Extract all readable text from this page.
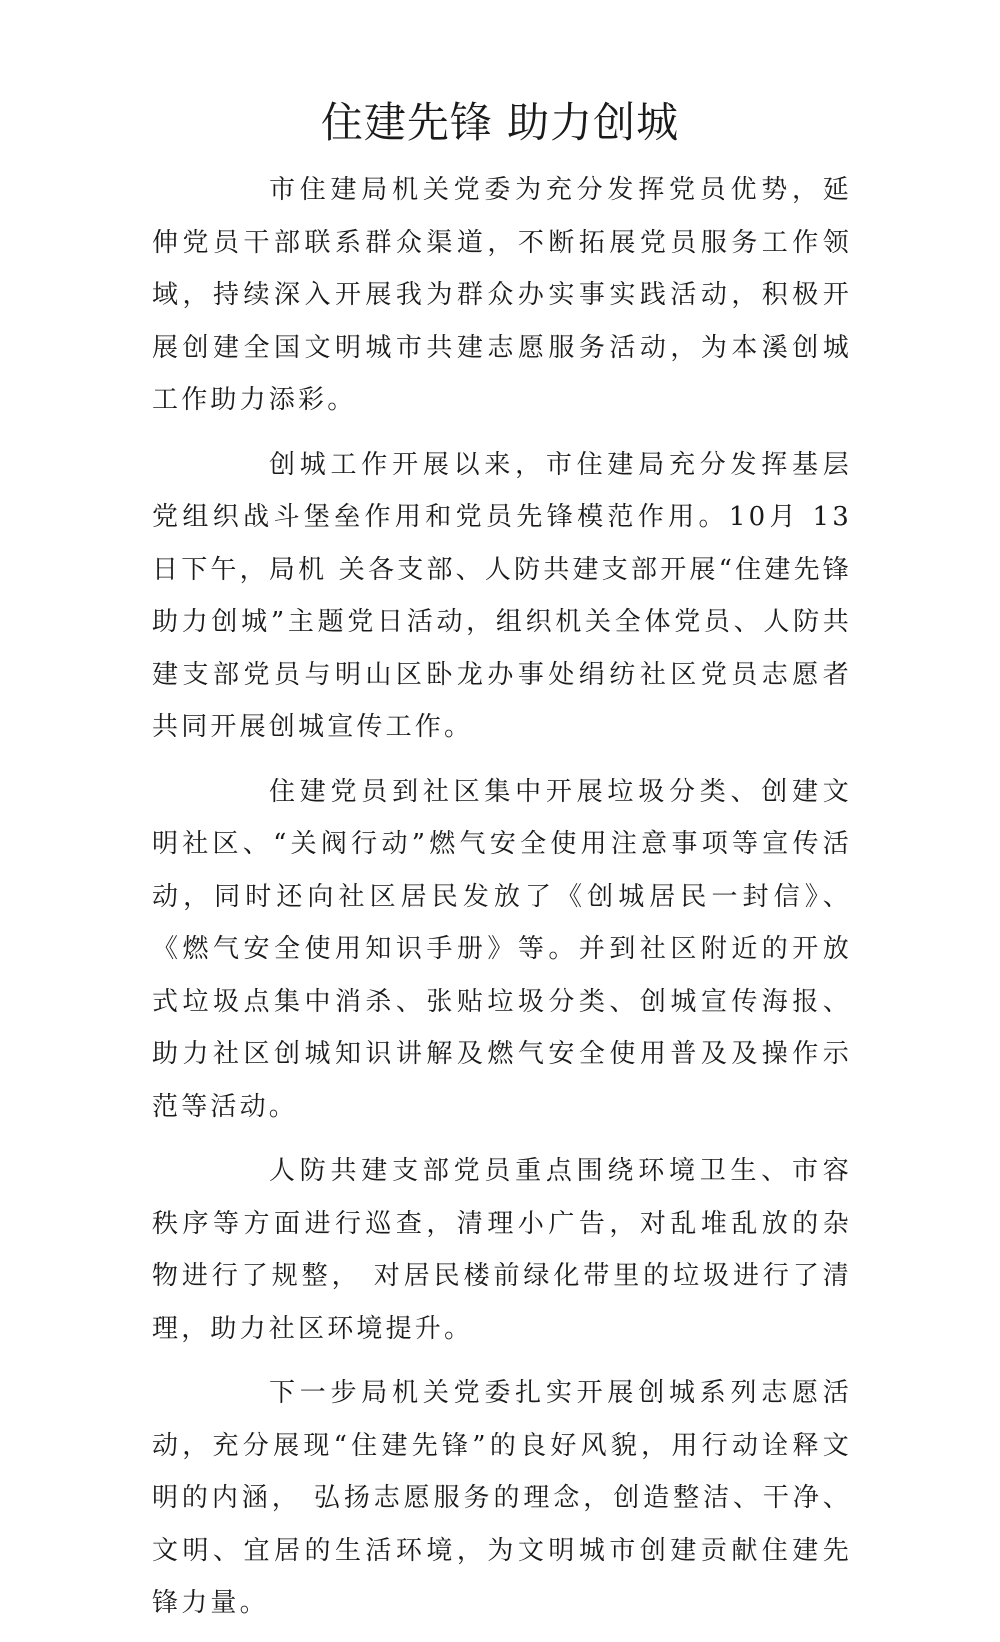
住建先锋 助力创城

市住建局机关党委为充分发挥党员优势，延伸党员干部联系群众渠道，不断拓展党员服务工作领域，持续深入开展我为群众办实事实践活动，积极开展创建全国文明城市共建志愿服务活动，为本溪创城工作助力添彩。

创城工作开展以来，市住建局充分发挥基层党组织战斗堡垒作用和党员先锋模范作用。10月 13 日下午，局机 关各支部、人防共建支部开展“住建先锋助力创城”主题党日活动，组织机关全体党员、人防共建支部党员与明山区卧龙办事处绢纺社区党员志愿者共同开展创城宣传工作。

住建党员到社区集中开展垃圾分类、创建文明社区、“关阀行动”燃气安全使用注意事项等宣传活动，同时还向社区居民发放了《创城居民一封信》、《燃气安全使用知识手册》等。并到社区附近的开放式垃圾点集中消杀、张贴垃圾分类、创城宣传海报、助力社区创城知识讲解及燃气安全使用普及及操作示范等活动。

人防共建支部党员重点围绕环境卫生、市容秩序等方面进行巡查，清理小广告，对乱堆乱放的杂物进行了规整， 对居民楼前绿化带里的垃圾进行了清理，助力社区环境提升。

下一步局机关党委扎实开展创城系列志愿活动，充分展现“住建先锋”的良好风貌，用行动诠释文明的内涵， 弘扬志愿服务的理念，创造整洁、干净、文明、宜居的生活环境，为文明城市创建贡献住建先锋力量。
